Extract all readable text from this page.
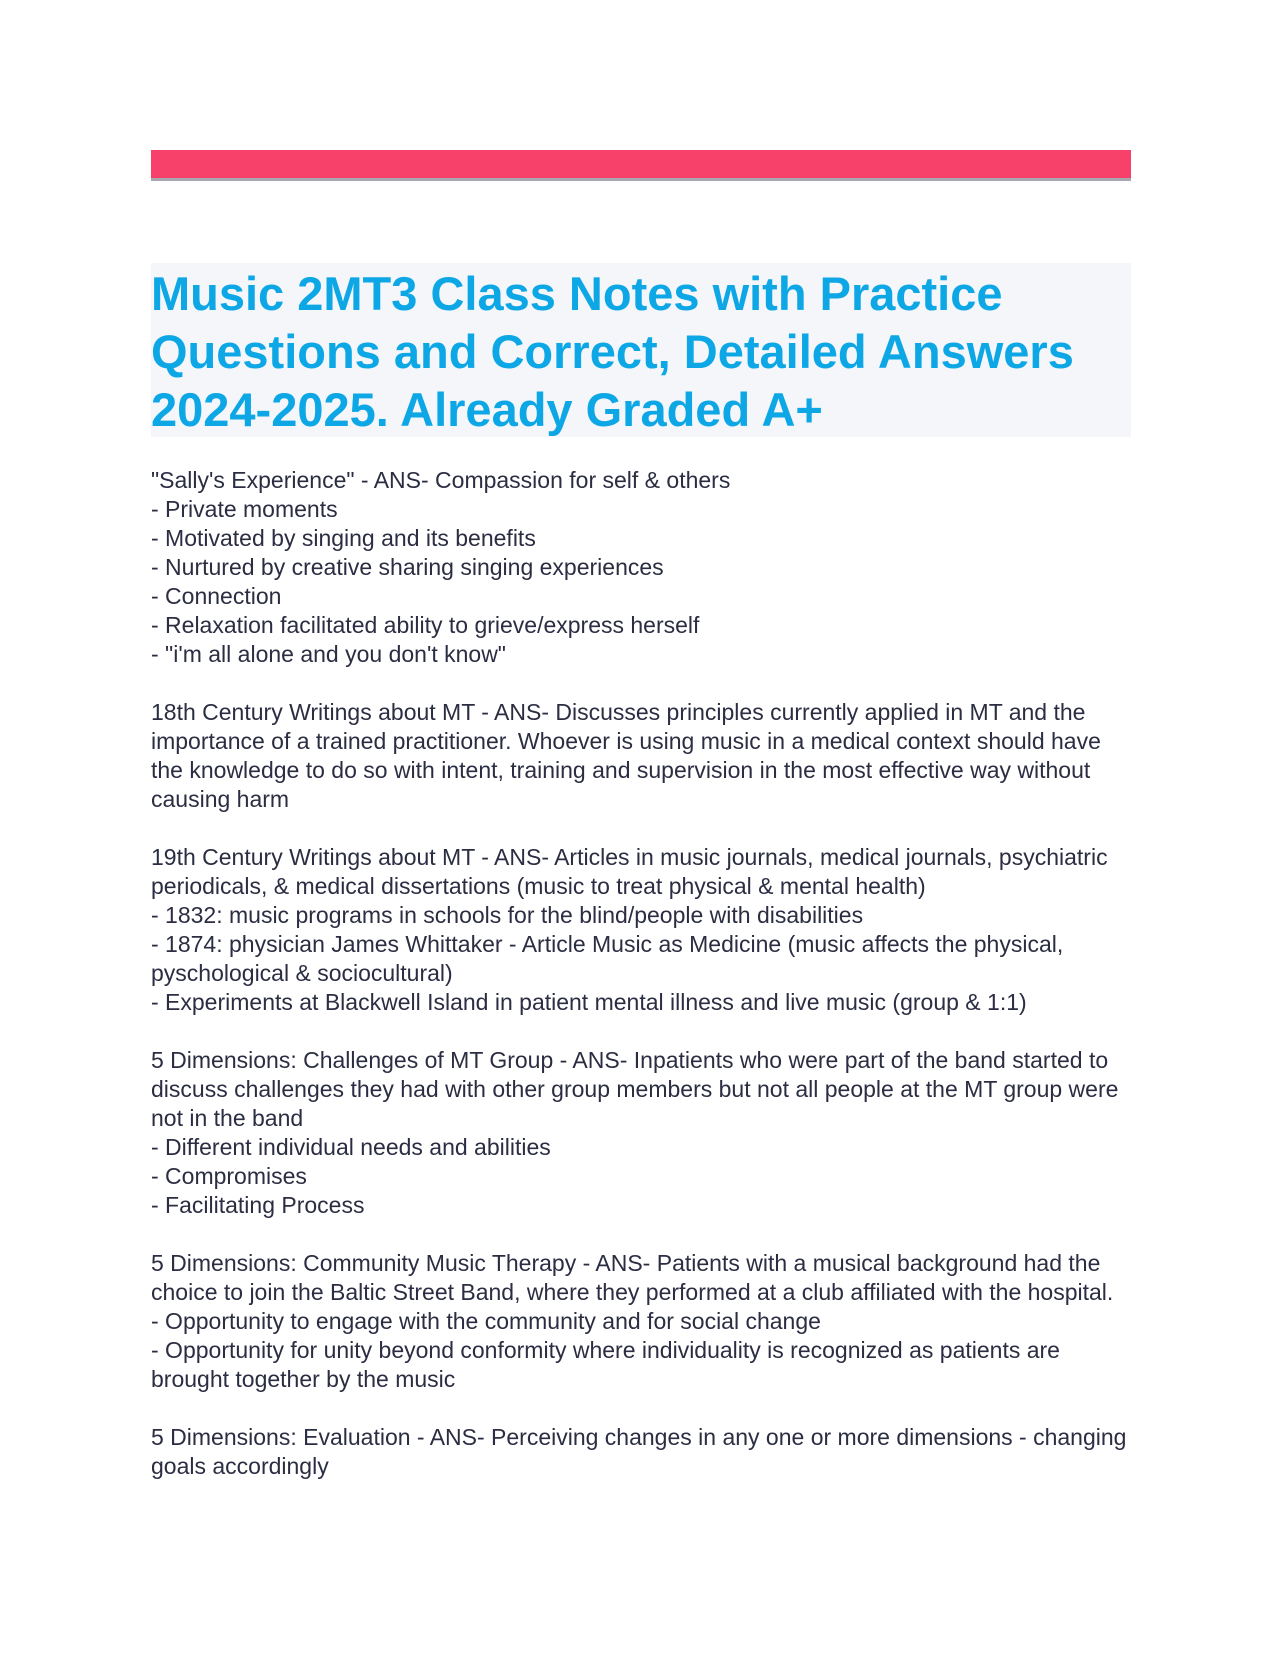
Music 2MT3 Class Notes with Practice Questions and Correct, Detailed Answers 2024-2025. Already Graded A+

"Sally's Experience" - ANS- Compassion for self & others

- Private moments

- Motivated by singing and its benefits

- Nurtured by creative sharing singing experiences

- Connection

- Relaxation facilitated ability to grieve/express herself

- "i'm all alone and you don't know"

18th Century Writings about MT - ANS- Discusses principles currently applied in MT and the importance of a trained practitioner. Whoever is using music in a medical context should have the knowledge to do so with intent, training and supervision in the most effective way without causing harm

19th Century Writings about MT - ANS- Articles in music journals, medical journals, psychiatric periodicals, & medical dissertations (music to treat physical & mental health)

- 1832: music programs in schools for the blind/people with disabilities

- 1874: physician James Whittaker - Article Music as Medicine (music affects the physical, pyschological & sociocultural)

- Experiments at Blackwell Island in patient mental illness and live music (group & 1:1)

5 Dimensions: Challenges of MT Group - ANS- Inpatients who were part of the band started to discuss challenges they had with other group members but not all people at the MT group were not in the band

- Different individual needs and abilities

- Compromises

- Facilitating Process

5 Dimensions: Community Music Therapy - ANS- Patients with a musical background had the choice to join the Baltic Street Band, where they performed at a club affiliated with the hospital.

- Opportunity to engage with the community and for social change

- Opportunity for unity beyond conformity where individuality is recognized as patients are brought together by the music

5 Dimensions: Evaluation - ANS- Perceiving changes in any one or more dimensions - changing goals accordingly
